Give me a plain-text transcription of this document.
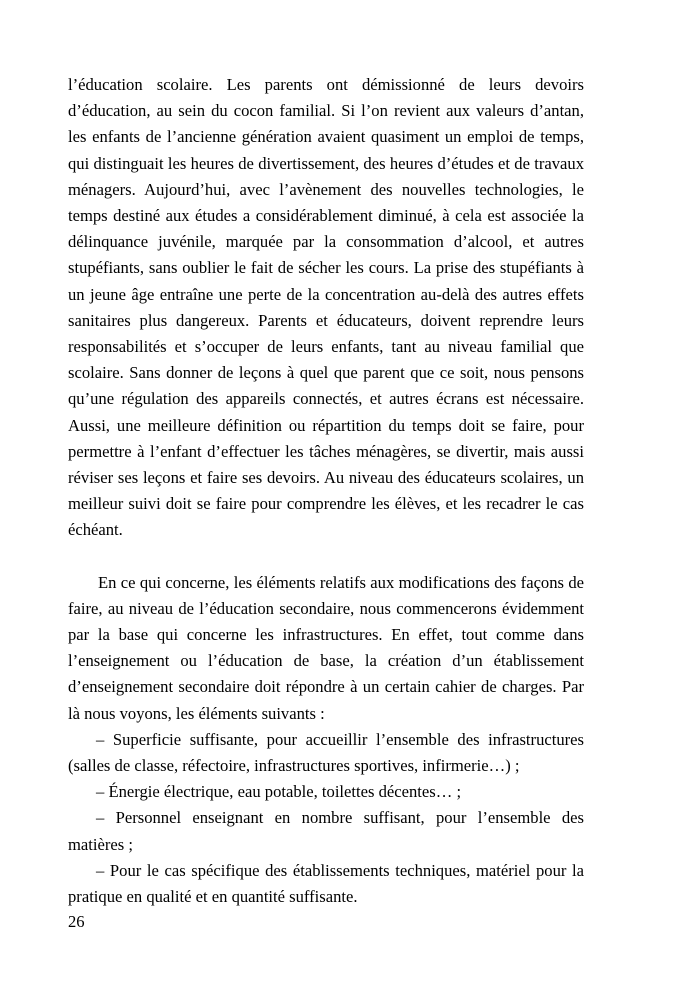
l’éducation scolaire. Les parents ont démissionné de leurs devoirs d’éducation, au sein du cocon familial. Si l’on revient aux valeurs d’antan, les enfants de l’ancienne génération avaient quasiment un emploi de temps, qui distinguait les heures de divertissement, des heures d’études et de travaux ménagers. Aujourd’hui, avec l’avènement des nouvelles technologies, le temps destiné aux études a considérablement diminué, à cela est associée la délinquance juvénile, marquée par la consommation d’alcool, et autres stupéfiants, sans oublier le fait de sécher les cours. La prise des stupéfiants à un jeune âge entraîne une perte de la concentration au-delà des autres effets sanitaires plus dangereux. Parents et éducateurs, doivent reprendre leurs responsabilités et s’occuper de leurs enfants, tant au niveau familial que scolaire. Sans donner de leçons à quel que parent que ce soit, nous pensons qu’une régulation des appareils connectés, et autres écrans est nécessaire. Aussi, une meilleure définition ou répartition du temps doit se faire, pour permettre à l’enfant d’effectuer les tâches ménagères, se divertir, mais aussi réviser ses leçons et faire ses devoirs. Au niveau des éducateurs scolaires, un meilleur suivi doit se faire pour comprendre les élèves, et les recadrer le cas échéant.

En ce qui concerne, les éléments relatifs aux modifications des façons de faire, au niveau de l’éducation secondaire, nous commencerons évidemment par la base qui concerne les infrastructures. En effet, tout comme dans l’enseignement ou l’éducation de base, la création d’un établissement d’enseignement secondaire doit répondre à un certain cahier de charges. Par là nous voyons, les éléments suivants :

– Superficie suffisante, pour accueillir l’ensemble des infrastructures (salles de classe, réfectoire, infrastructures sportives, infirmerie…) ;
– Énergie électrique, eau potable, toilettes décentes… ;
– Personnel enseignant en nombre suffisant, pour l’ensemble des matières ;
– Pour le cas spécifique des établissements techniques, matériel pour la pratique en qualité et en quantité suffisante.
26
